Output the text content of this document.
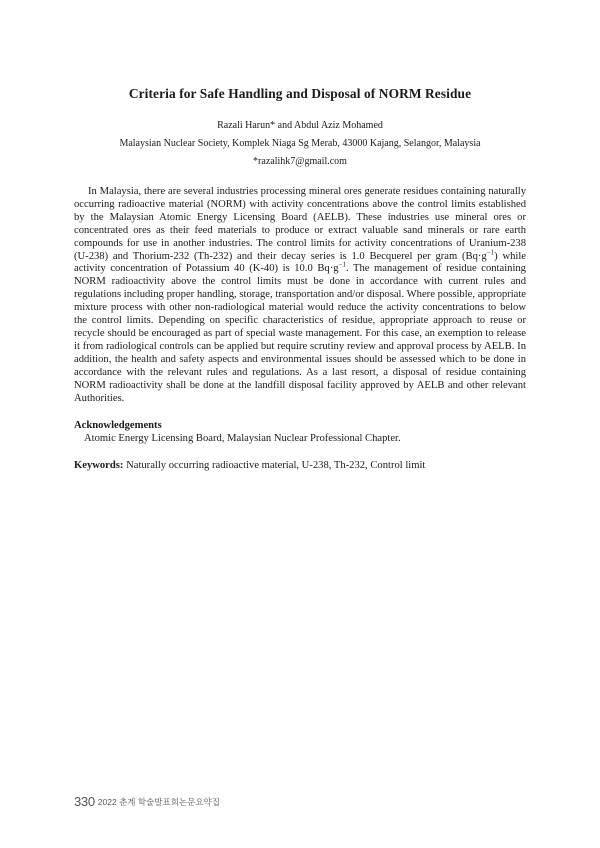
Criteria for Safe Handling and Disposal of NORM Residue
Razali Harun* and Abdul Aziz Mohamed
Malaysian Nuclear Society, Komplek Niaga Sg Merab, 43000 Kajang, Selangor, Malaysia
*razalihk7@gmail.com

In Malaysia, there are several industries processing mineral ores generate residues containing naturally occurring radioactive material (NORM) with activity concentrations above the control limits established by the Malaysian Atomic Energy Licensing Board (AELB). These industries use mineral ores or concentrated ores as their feed materials to produce or extract valuable sand minerals or rare earth compounds for use in another industries. The control limits for activity concentrations of Uranium-238 (U-238) and Thorium-232 (Th-232) and their decay series is 1.0 Becquerel per gram $(Bq\cdot g^{-1})$ while activity concentration of Potassium 40 (K-40) is 10.0 $Bq\cdot g^{-1}$. The management of residue containing NORM radioactivity above the control limits must be done in accordance with current rules and regulations including proper handling, storage, transportation and/or disposal. Where possible, appropriate mixture process with other non-radiological material would reduce the activity concentrations to below the control limits. Depending on specific characteristics of residue, appropriate approach to reuse or recycle should be encouraged as part of special waste management. For this case, an exemption to release it from radiological controls can be applied but require scrutiny review and approval process by AELB. In addition, the health and safety aspects and environmental issues should be assessed which to be done in accordance with the relevant rules and regulations. As a last resort, a disposal of residue containing NORM radioactivity shall be done at the landfill disposal facility approved by AELB and other relevant Authorities.

Acknowledgements
Atomic Energy Licensing Board, Malaysian Nuclear Professional Chapter.
Keywords: Naturally occurring radioactive material, U-238, Th-232, Control limit
330 2022 춘계 학술발표회논문요약집
